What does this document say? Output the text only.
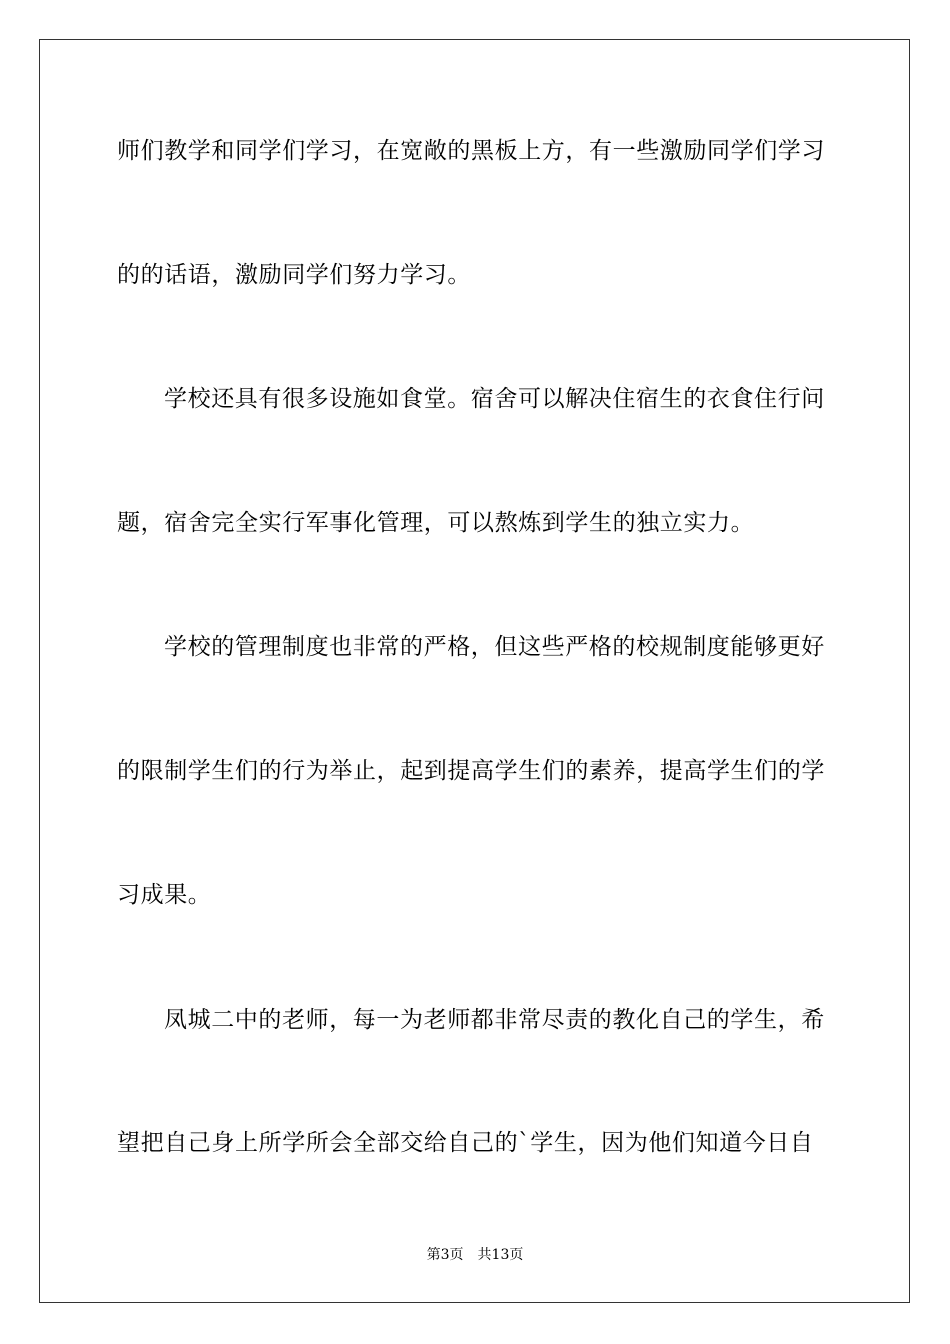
师们教学和同学们学习，在宽敞的黑板上方，有一些激励同学们学习
的的话语，激励同学们努力学习。
学校还具有很多设施如食堂。宿舍可以解决住宿生的衣食住行问
题，宿舍完全实行军事化管理，可以熬炼到学生的独立实力。
学校的管理制度也非常的严格，但这些严格的校规制度能够更好
的限制学生们的行为举止，起到提高学生们的素养，提高学生们的学
习成果。
凤城二中的老师，每一为老师都非常尽责的教化自己的学生，希
望把自己身上所学所会全部交给自己的`学生，因为他们知道今日自
第3页 共13页
